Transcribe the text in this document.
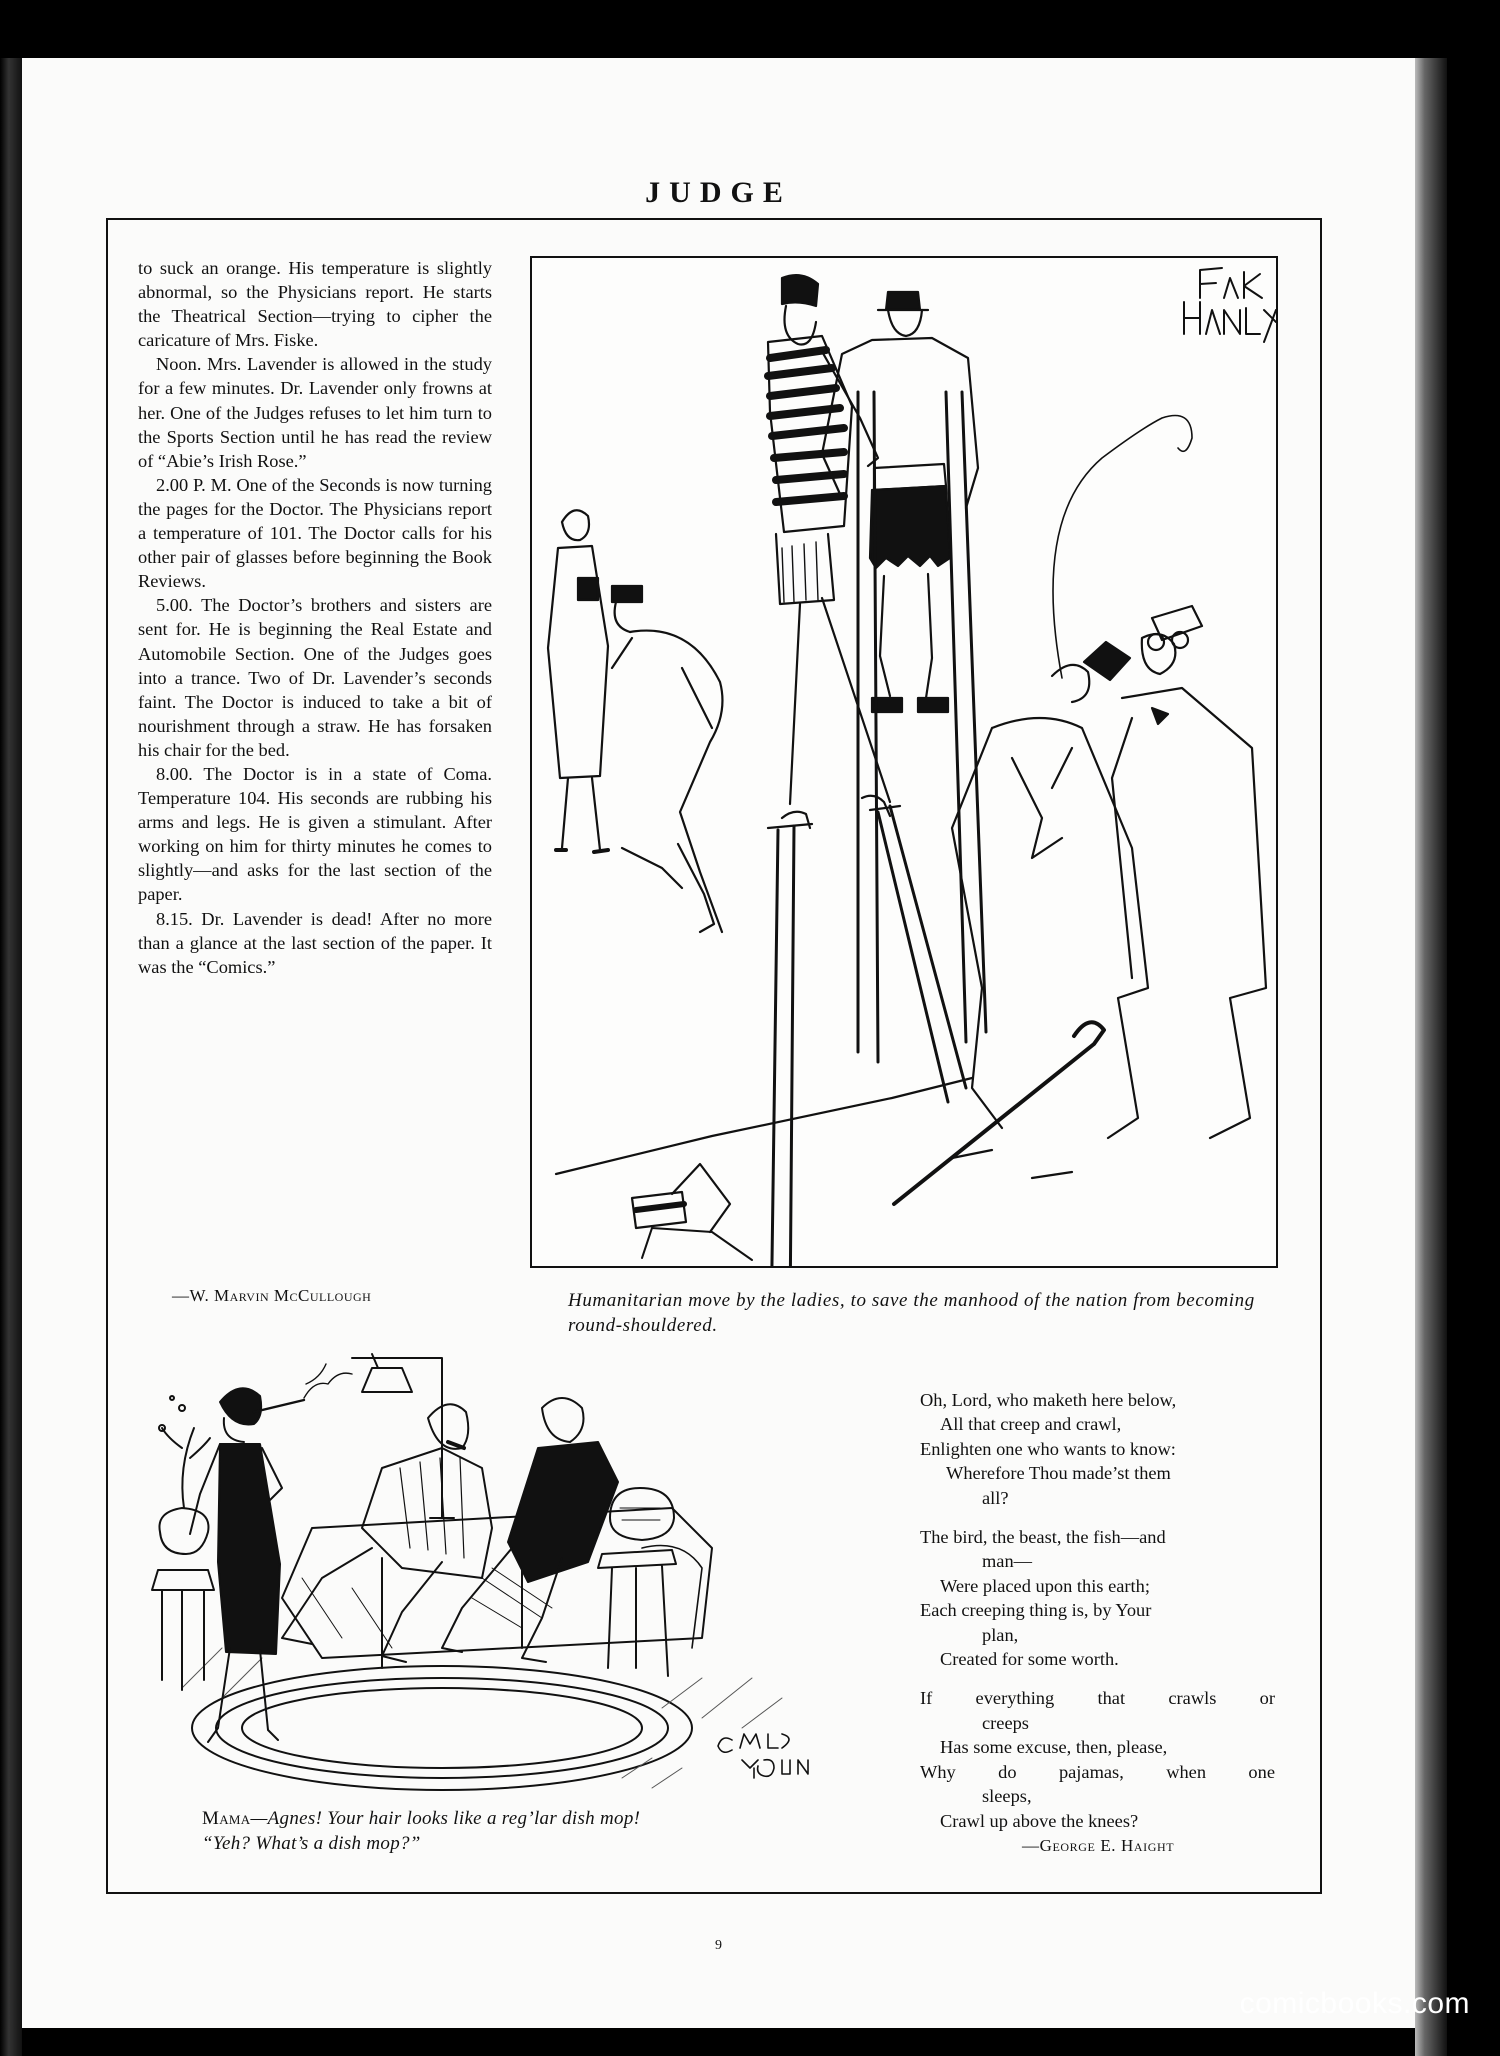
JUDGE

to suck an orange. His temperature is slightly abnormal, so the Physicians report. He starts the Theatrical Section—trying to cipher the caricature of Mrs. Fiske.

Noon. Mrs. Lavender is allowed in the study for a few minutes. Dr. Lavender only frowns at her. One of the Judges refuses to let him turn to the Sports Section until he has read the review of “Abie’s Irish Rose.”

2.00 P. M. One of the Seconds is now turning the pages for the Doctor. The Physicians report a temperature of 101. The Doctor calls for his other pair of glasses before beginning the Book Reviews.

5.00. The Doctor’s brothers and sisters are sent for. He is beginning the Real Estate and Automobile Section. One of the Judges goes into a trance. Two of Dr. Lavender’s seconds faint. The Doctor is induced to take a bit of nourishment through a straw. He has forsaken his chair for the bed.

8.00. The Doctor is in a state of Coma. Temperature 104. His seconds are rubbing his arms and legs. He is given a stimulant. After working on him for thirty minutes he comes to slightly—and asks for the last section of the paper.

8.15. Dr. Lavender is dead! After no more than a glance at the last section of the paper. It was the “Comics.”

—W. Marvin McCullough	Humanitarian move by the ladies, to save the manhood of the nation from becoming round-shouldered.
Mama—Agnes! Your hair looks like a reg’lar dish mop!
“Yeh? What’s a dish mop?”
Oh, Lord, who maketh here below,
All that creep and crawl,
Enlighten one who wants to know:
Wherefore Thou made’st them
all?
The bird, the beast, the fish—and
man—
Were placed upon this earth;
Each creeping thing is, by Your
plan,
Created for some worth.
If everything that crawls or
creeps
Has some excuse, then, please,
Why do pajamas, when one
sleeps,
Crawl up above the knees?
—George E. Haight
9
comicbooks.com
